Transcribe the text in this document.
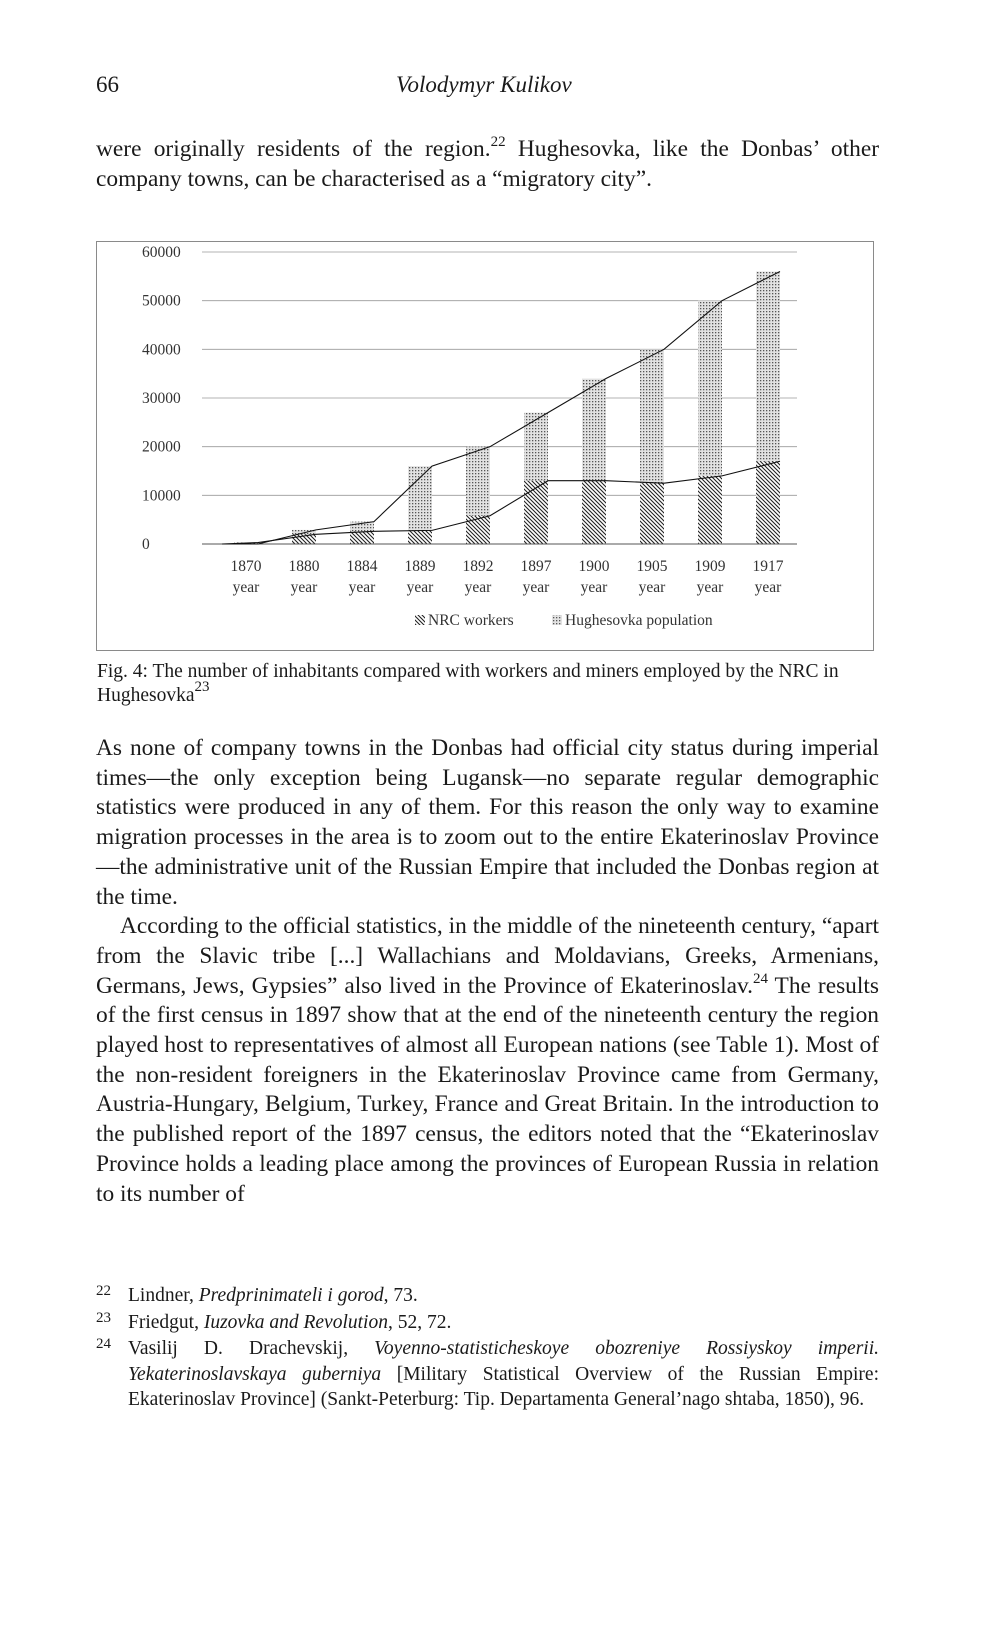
66	Volodymyr Kulikov

were originally residents of the region.$^{22}$ Hughesovka, like the Donbas’ other company towns, can be characterised as a “migratory city”.

60000
50000
40000
30000
20000
10000
0
1870
year
1880
year
1884
year
1889
year
1892
year
1897
year
1900
year
1905
year
1909
year
1917
year
NRC workers	Hughesovka population
Fig. 4: The number of inhabitants compared with workers and miners employed by the NRC in Hughesovka$^{23}$

As none of company towns in the Donbas had official city status during imperial times—the only exception being Lugansk—no separate regular demographic statistics were produced in any of them. For this reason the only way to examine migration processes in the area is to zoom out to the entire Ekaterinoslav Province—the administrative unit of the Russian Empire that included the Donbas region at the time.

According to the official statistics, in the middle of the nineteenth century, “apart from the Slavic tribe [...] Wallachians and Moldavians, Greeks, Armenians, Germans, Jews, Gypsies” also lived in the Province of Ekaterinoslav.$^{24}$ The results of the first census in 1897 show that at the end of the nineteenth century the region played host to representatives of almost all European nations (see Table 1). Most of the non-resident foreigners in the Ekaterinoslav Province came from Germany, Austria-Hungary, Belgium, Turkey, France and Great Britain. In the introduction to the published report of the 1897 census, the editors noted that the “Ekaterinoslav Province holds a leading place among the provinces of European Russia in relation to its number of

22 Lindner, Predprinimateli i gorod, 73.
23 Friedgut, Iuzovka and Revolution, 52, 72.
24 Vasilij D. Drachevskij, Voyenno-statisticheskoye obozreniye Rossiyskoy imperii. Yekaterinoslavskaya guberniya [Military Statistical Overview of the Russian Empire: Ekaterinoslav Province] (Sankt-Peterburg: Tip. Departamenta General’nago shtaba, 1850), 96.
